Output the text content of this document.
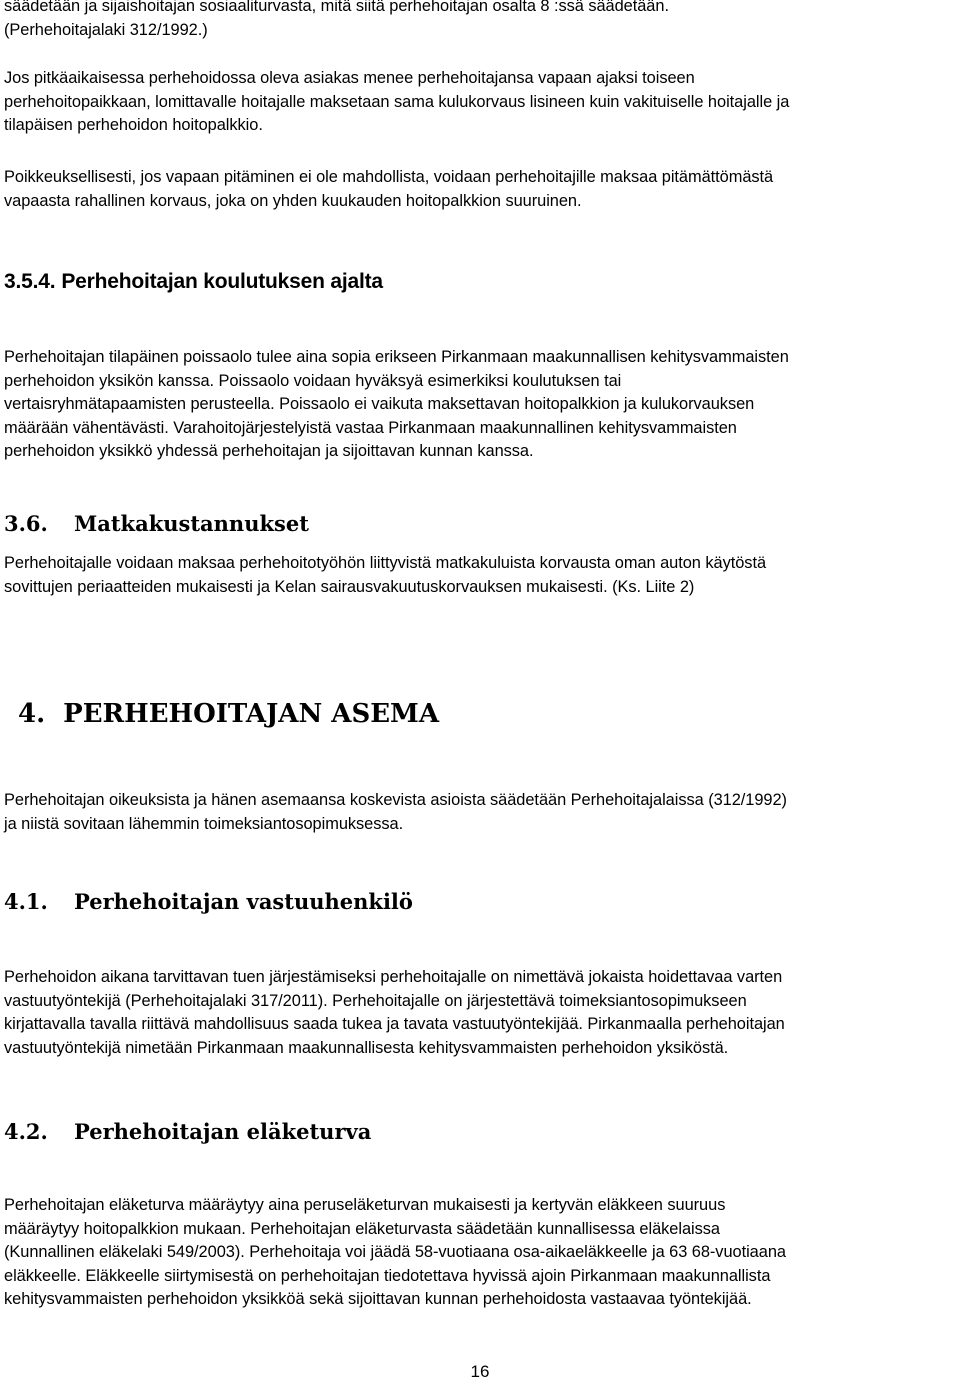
säädetään ja sijaishoitajan sosiaaliturvasta, mitä siitä perhehoitajan osalta 8 :ssä säädetään.
(Perhehoitajalaki 312/1992.)
Jos pitkäaikaisessa perhehoidossa oleva asiakas menee perhehoitajansa vapaan ajaksi toiseen
perhehoitopaikkaan, lomittavalle hoitajalle maksetaan sama kulukorvaus lisineen kuin vakituiselle hoitajalle ja
tilapäisen perhehoidon hoitopalkkio.
Poikkeuksellisesti, jos vapaan pitäminen ei ole mahdollista, voidaan perhehoitajille maksaa pitämättömästä
vapaasta rahallinen korvaus, joka on yhden kuukauden hoitopalkkion suuruinen.
3.5.4. Perhehoitajan koulutuksen ajalta
Perhehoitajan tilapäinen poissaolo tulee aina sopia erikseen Pirkanmaan maakunnallisen kehitysvammaisten
perhehoidon yksikön kanssa. Poissaolo voidaan hyväksyä esimerkiksi koulutuksen tai
vertaisryhmätapaamisten perusteella. Poissaolo ei vaikuta maksettavan hoitopalkkion ja kulukorvauksen
määrään vähentävästi. Varahoitojärjestelyistä vastaa Pirkanmaan maakunnallinen kehitysvammaisten
perhehoidon yksikkö yhdessä perhehoitajan ja sijoittavan kunnan kanssa.
3.6. Matkakustannukset
Perhehoitajalle voidaan maksaa perhehoitotyöhön liittyvistä matkakuluista korvausta oman auton käytöstä
sovittujen periaatteiden mukaisesti ja Kelan sairausvakuutuskorvauksen mukaisesti. (Ks. Liite 2)
4. PERHEHOITAJAN ASEMA
Perhehoitajan oikeuksista ja hänen asemaansa koskevista asioista säädetään Perhehoitajalaissa (312/1992)
ja niistä sovitaan lähemmin toimeksiantosopimuksessa.
4.1. Perhehoitajan vastuuhenkilö
Perhehoidon aikana tarvittavan tuen järjestämiseksi perhehoitajalle on nimettävä jokaista hoidettavaa varten
vastuutyöntekijä (Perhehoitajalaki 317/2011). Perhehoitajalle on järjestettävä toimeksiantosopimukseen
kirjattavalla tavalla riittävä mahdollisuus saada tukea ja tavata vastuutyöntekijää. Pirkanmaalla perhehoitajan
vastuutyöntekijä nimetään Pirkanmaan maakunnallisesta kehitysvammaisten perhehoidon yksiköstä.
4.2. Perhehoitajan eläketurva
Perhehoitajan eläketurva määräytyy aina peruseläketurvan mukaisesti ja kertyvän eläkkeen suuruus
määräytyy hoitopalkkion mukaan. Perhehoitajan eläketurvasta säädetään kunnallisessa eläkelaissa
(Kunnallinen eläkelaki 549/2003). Perhehoitaja voi jäädä 58-vuotiaana osa-aikaeläkkeelle ja 63 68-vuotiaana
eläkkeelle. Eläkkeelle siirtymisestä on perhehoitajan tiedotettava hyvissä ajoin Pirkanmaan maakunnallista
kehitysvammaisten perhehoidon yksikköä sekä sijoittavan kunnan perhehoidosta vastaavaa työntekijää.
16
